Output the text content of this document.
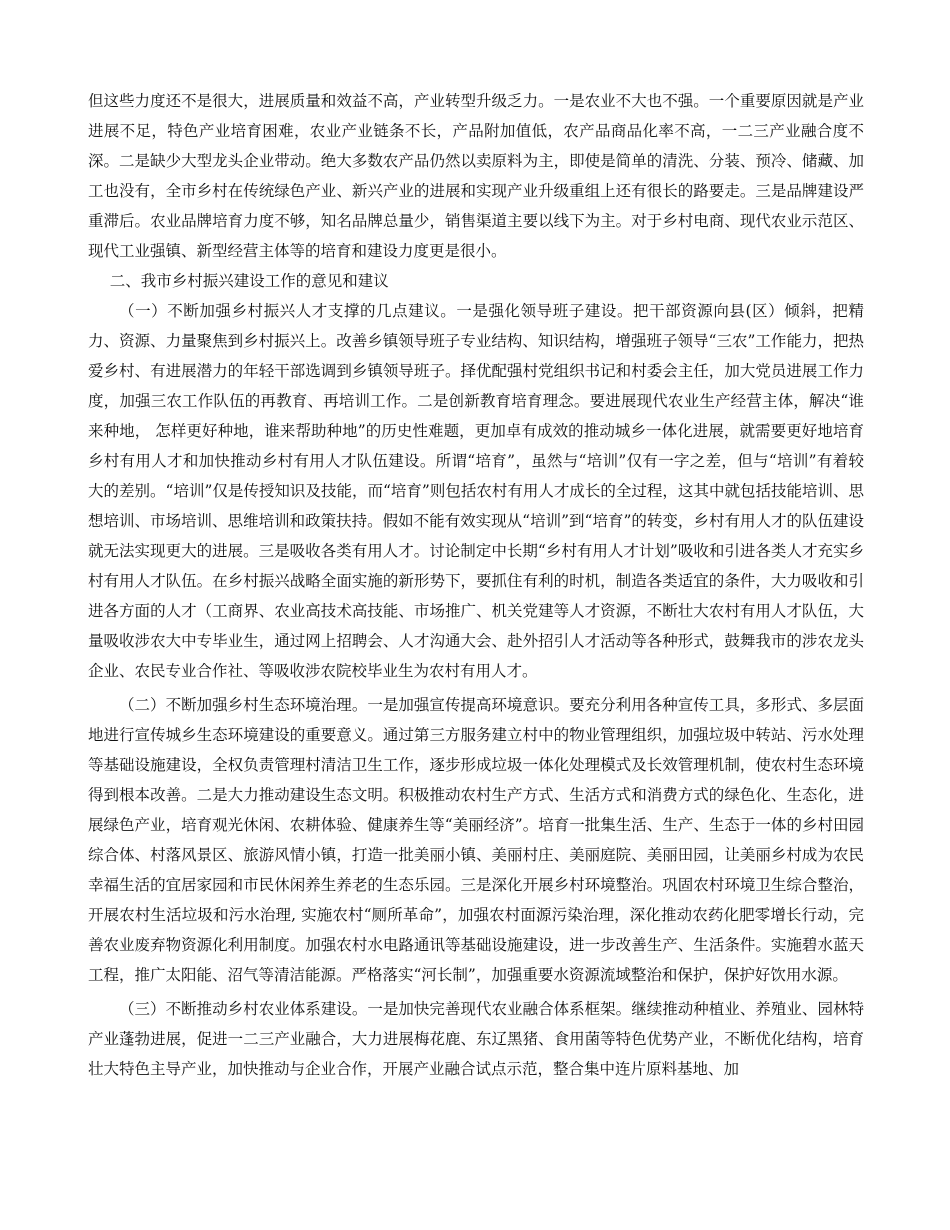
但这些力度还不是很大，进展质量和效益不高，产业转型升级乏力。一是农业不大也不强。一个重要原因就是产业进展不足，特色产业培育困难，农业产业链条不长，产品附加值低，农产品商品化率不高，一二三产业融合度不深。二是缺少大型龙头企业带动。绝大多数农产品仍然以卖原料为主，即使是简单的清洗、分装、预冷、储藏、加工也没有，全市乡村在传统绿色产业、新兴产业的进展和实现产业升级重组上还有很长的路要走。三是品牌建设严重滞后。农业品牌培育力度不够，知名品牌总量少，销售渠道主要以线下为主。对于乡村电商、现代农业示范区、现代工业强镇、新型经营主体等的培育和建设力度更是很小。

二、我市乡村振兴建设工作的意见和建议

（一）不断加强乡村振兴人才支撑的几点建议。一是强化领导班子建设。把干部资源向县(区）倾斜，把精力、资源、力量聚焦到乡村振兴上。改善乡镇领导班子专业结构、知识结构，增强班子领导“三农”工作能力，把热爱乡村、有进展潜力的年轻干部选调到乡镇领导班子。择优配强村党组织书记和村委会主任，加大党员进展工作力度，加强三农工作队伍的再教育、再培训工作。二是创新教育培育理念。要进展现代农业生产经营主体，解决“谁来种地， 怎样更好种地，谁来帮助种地”的历史性难题，更加卓有成效的推动城乡一体化进展，就需要更好地培育乡村有用人才和加快推动乡村有用人才队伍建设。所谓“培育”，虽然与“培训”仅有一字之差，但与“培训”有着较大的差别。“培训”仅是传授知识及技能，而“培育”则包括农村有用人才成长的全过程，这其中就包括技能培训、思想培训、市场培训、思维培训和政策扶持。假如不能有效实现从“培训”到“培育”的转变，乡村有用人才的队伍建设就无法实现更大的进展。三是吸收各类有用人才。讨论制定中长期“乡村有用人才计划”吸收和引进各类人才充实乡村有用人才队伍。在乡村振兴战略全面实施的新形势下，要抓住有利的时机，制造各类适宜的条件，大力吸收和引进各方面的人才（工商界、农业高技术高技能、市场推广、机关党建等人才资源，不断壮大农村有用人才队伍，大量吸收涉农大中专毕业生，通过网上招聘会、人才沟通大会、赴外招引人才活动等各种形式，鼓舞我市的涉农龙头企业、农民专业合作社、等吸收涉农院校毕业生为农村有用人才。

（二）不断加强乡村生态环境治理。一是加强宣传提高环境意识。要充分利用各种宣传工具，多形式、多层面地进行宣传城乡生态环境建设的重要意义。通过第三方服务建立村中的物业管理组织，加强垃圾中转站、污水处理等基础设施建设，全权负责管理村清洁卫生工作，逐步形成垃圾一体化处理模式及长效管理机制，使农村生态环境得到根本改善。二是大力推动建设生态文明。积极推动农村生产方式、生活方式和消费方式的绿色化、生态化，进展绿色产业，培育观光休闲、农耕体验、健康养生等“美丽经济”。培育一批集生活、生产、生态于一体的乡村田园综合体、村落风景区、旅游风情小镇，打造一批美丽小镇、美丽村庄、美丽庭院、美丽田园，让美丽乡村成为农民幸福生活的宜居家园和市民休闲养生养老的生态乐园。三是深化开展乡村环境整治。巩固农村环境卫生综合整治，开展农村生活垃圾和污水治理, 实施农村“厕所革命”，加强农村面源污染治理，深化推动农药化肥零增长行动，完善农业废弃物资源化利用制度。加强农村水电路通讯等基础设施建设，进一步改善生产、生活条件。实施碧水蓝天工程，推广太阳能、沼气等清洁能源。严格落实“河长制”，加强重要水资源流域整治和保护，保护好饮用水源。

（三）不断推动乡村农业体系建设。一是加快完善现代农业融合体系框架。继续推动种植业、养殖业、园林特产业蓬勃进展，促进一二三产业融合，大力进展梅花鹿、东辽黑猪、食用菌等特色优势产业，不断优化结构，培育壮大特色主导产业，加快推动与企业合作，开展产业融合试点示范，整合集中连片原料基地、加
